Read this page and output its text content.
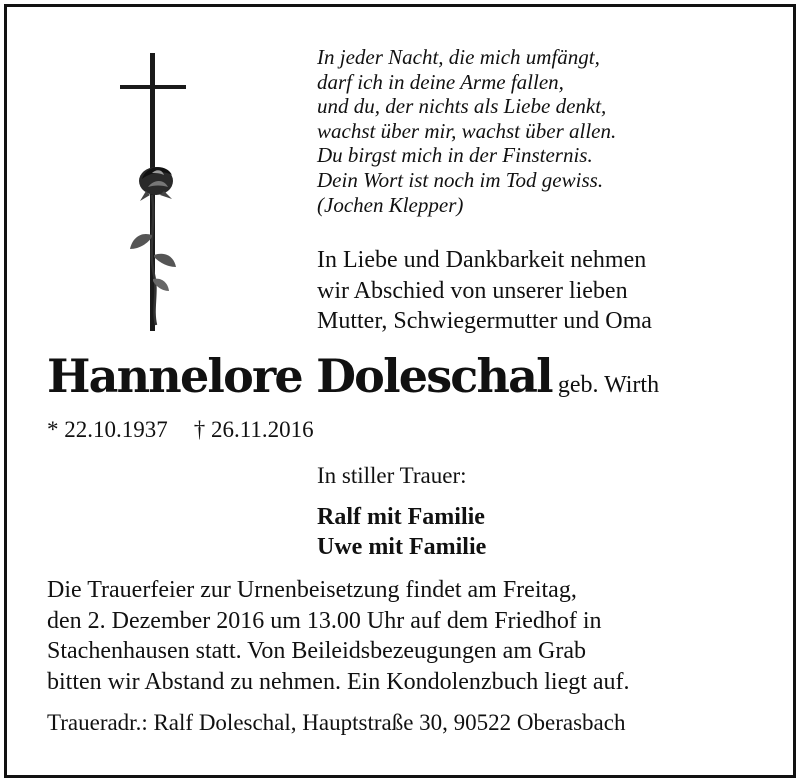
In jeder Nacht, die mich umfängt,
darf ich in deine Arme fallen,
und du, der nichts als Liebe denkt,
wachst über mir, wachst über allen.
Du birgst mich in der Finsternis.
Dein Wort ist noch im Tod gewiss.
(Jochen Klepper)
In Liebe und Dankbarkeit nehmen
wir Abschied von unserer lieben
Mutter, Schwiegermutter und Oma
Hannelore Doleschal geb. Wirth
* 22.10.1937 † 26.11.2016
In stiller Trauer:
Ralf mit Familie
Uwe mit Familie
Die Trauerfeier zur Urnenbeisetzung findet am Freitag,
den 2. Dezember 2016 um 13.00 Uhr auf dem Friedhof in
Stachenhausen statt. Von Beileidsbezeugungen am Grab
bitten wir Abstand zu nehmen. Ein Kondolenzbuch liegt auf.
Traueradr.: Ralf Doleschal, Hauptstraße 30, 90522 Oberasbach
